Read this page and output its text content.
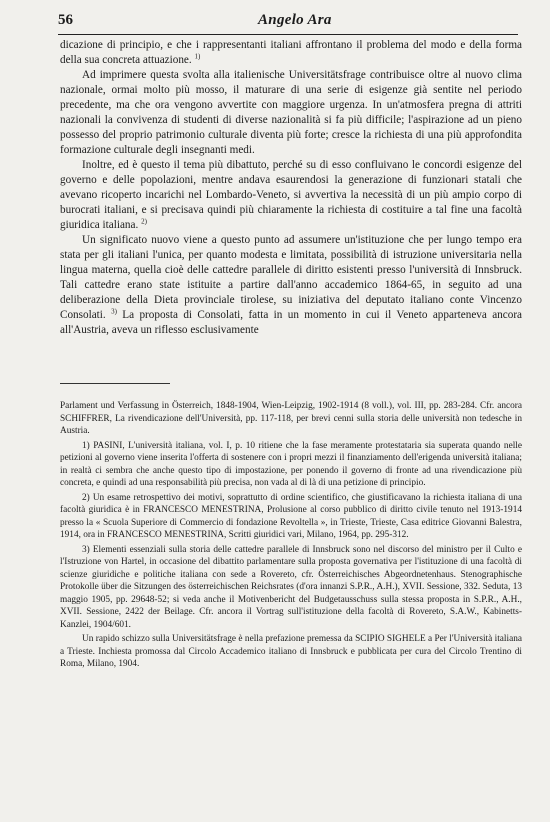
56	Angelo Ara

dicazione di principio, e che i rappresentanti italiani affrontano il problema del modo e della forma della sua concreta attuazione. $^{1)}$

Ad imprimere questa svolta alla italienische Universitätsfrage contribuisce oltre al nuovo clima nazionale, ormai molto più mosso, il maturare di una serie di esigenze già sentite nel periodo precedente, ma che ora vengono avvertite con maggiore urgenza. In un'atmosfera pregna di attriti nazionali la convivenza di studenti di diverse nazionalità si fa più difficile; l'aspirazione ad un pieno possesso del proprio patrimonio culturale diventa più forte; cresce la richiesta di una più approfondita formazione culturale degli insegnanti medi.

Inoltre, ed è questo il tema più dibattuto, perché su di esso confluivano le concordi esigenze del governo e delle popolazioni, mentre andava esaurendosi la generazione di funzionari statali che avevano ricoperto incarichi nel Lombardo-Veneto, si avvertiva la necessità di un più ampio corpo di burocrati italiani, e si precisava quindi più chiaramente la richiesta di costituire a tal fine una facoltà giuridica italiana. $^{2)}$

Un significato nuovo viene a questo punto ad assumere un'istituzione che per lungo tempo era stata per gli italiani l'unica, per quanto modesta e limitata, possibilità di istruzione universitaria nella lingua materna, quella cioè delle cattedre parallele di diritto esistenti presso l'università di Innsbruck. Tali cattedre erano state istituite a partire dall'anno accademico 1864-65, in seguito ad una deliberazione della Dieta provinciale tirolese, su iniziativa del deputato italiano conte Vincenzo Consolati. $^{3)}$ La proposta di Consolati, fatta in un momento in cui il Veneto apparteneva ancora all'Austria, aveva un riflesso esclusivamente

Parlament und Verfassung in Österreich, 1848-1904, Wien-Leipzig, 1902-1914 (8 voll.), vol. III, pp. 283-284. Cfr. ancora SCHIFFRER, La rivendicazione dell'Università, pp. 117-118, per brevi cenni sulla storia delle università non tedesche in Austria.

1) PASINI, L'università italiana, vol. I, p. 10 ritiene che la fase meramente protestataria sia superata quando nelle petizioni al governo viene inserita l'offerta di sostenere con i propri mezzi il finanziamento dell'erigenda università italiana; in realtà ci sembra che anche questo tipo di impostazione, per ponendo il governo di fronte ad una rivendicazione più concreta, e quindi ad una responsabilità più precisa, non vada al di là di una petizione di principio.

2) Un esame retrospettivo dei motivi, soprattutto di ordine scientifico, che giustificavano la richiesta italiana di una facoltà giuridica è in FRANCESCO MENESTRINA, Prolusione al corso pubblico di diritto civile tenuto nel 1913-1914 presso la « Scuola Superiore di Commercio di fondazione Revoltella », in Trieste, Trieste, Casa editrice Giovanni Balestra, 1914, ora in FRANCESCO MENESTRINA, Scritti giuridici vari, Milano, 1964, pp. 295-312.

3) Elementi essenziali sulla storia delle cattedre parallele di Innsbruck sono nel discorso del ministro per il Culto e l'Istruzione von Hartel, in occasione del dibattito parlamentare sulla proposta governativa per l'istituzione di una facoltà di scienze giuridiche e politiche italiana con sede a Rovereto, cfr. Österreichisches Abgeordnetenhaus. Stenographische Protokolle über die Sitzungen des österreichischen Reichsrates (d'ora innanzi S.P.R., A.H.), XVII. Sessione, 332. Seduta, 13 maggio 1905, pp. 29648-52; si veda anche il Motivenbericht del Budgetausschuss sulla stessa proposta in S.P.R., A.H., XVII. Sessione, 2422 der Beilage. Cfr. ancora il Vortrag sull'istituzione della facoltà di Rovereto, S.A.W., Kabinetts-Kanzlei, 1904/601.

Un rapido schizzo sulla Universitätsfrage è nella prefazione premessa da SCIPIO SIGHELE a Per l'Università italiana a Trieste. Inchiesta promossa dal Circolo Accademico italiano di Innsbruck e pubblicata per cura del Circolo Trentino di Roma, Milano, 1904.
